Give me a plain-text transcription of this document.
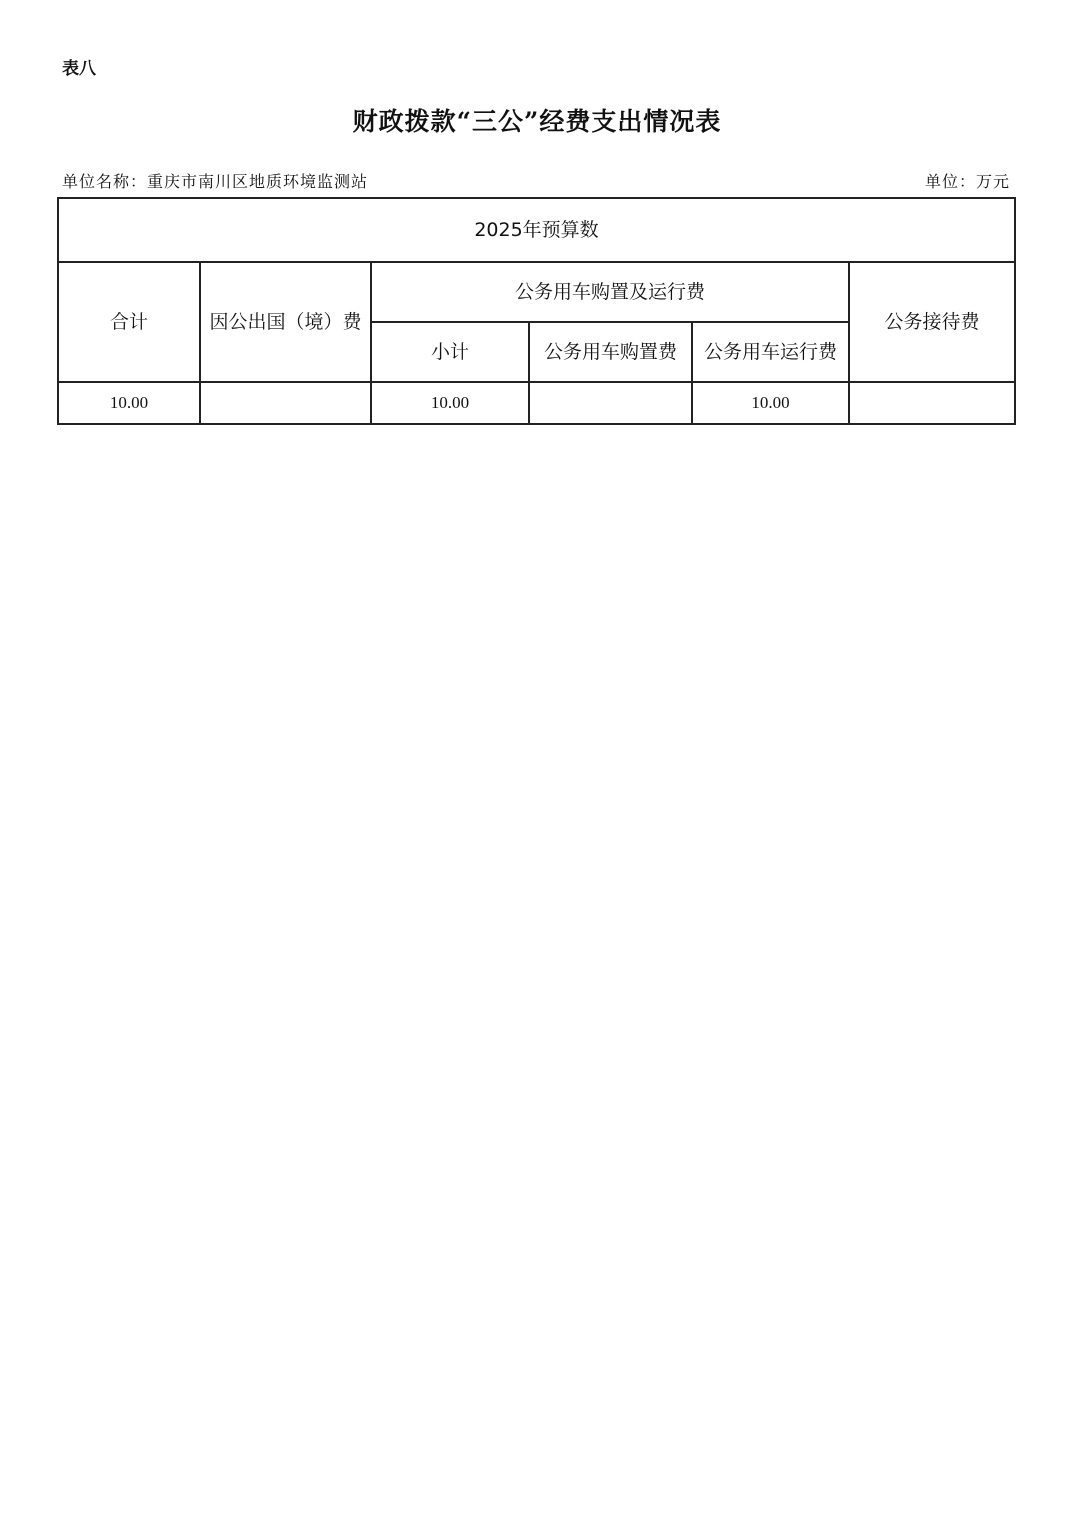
表八
财政拨款“三公”经费支出情况表
单位名称：重庆市南川区地质环境监测站	单位：万元
2025年预算数					
合计	因公出国（境）费	公务用车购置及运行费			公务接待费
		小计	公务用车购置费	公务用车运行费	
10.00		10.00		10.00	
